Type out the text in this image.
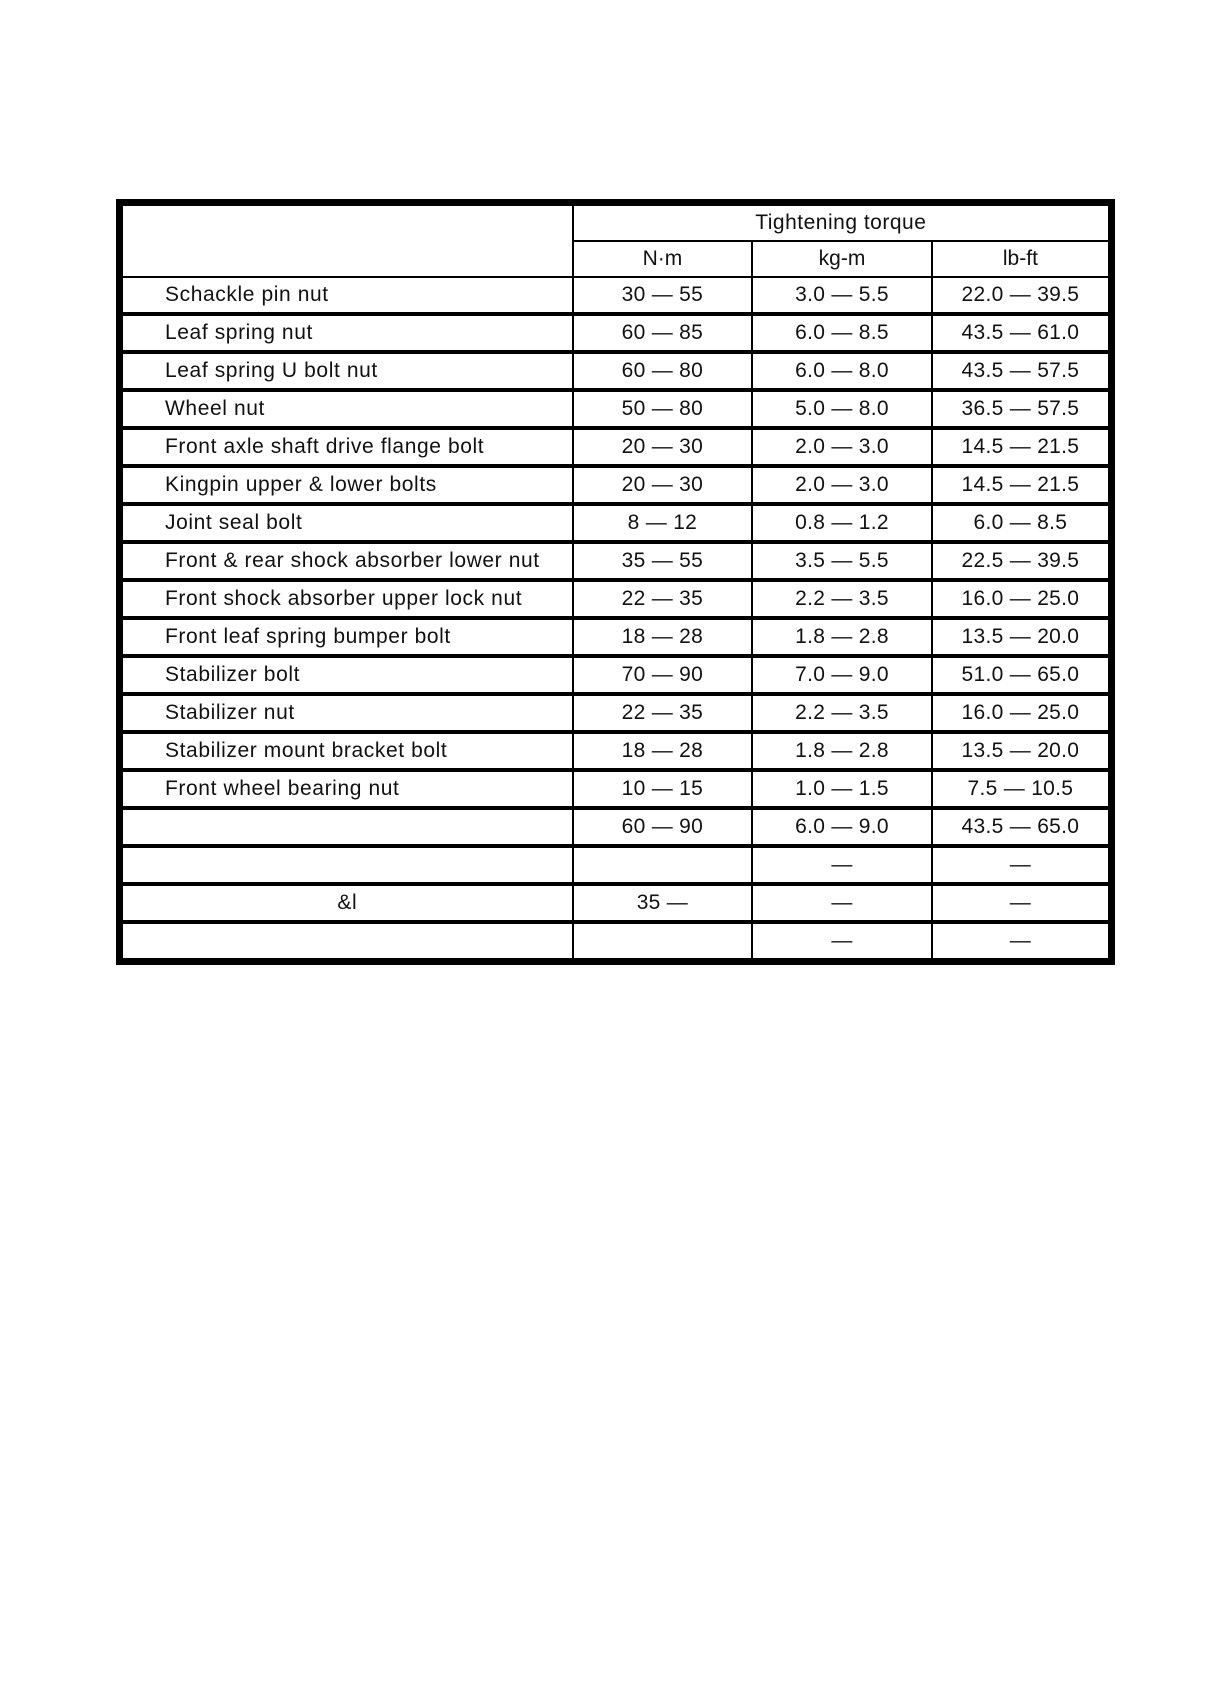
	Tightening torque		
	N·m	kg-m	lb-ft
Schackle pin nut	30 — 55	3.0 — 5.5	22.0 — 39.5
Leaf spring nut	60 — 85	6.0 — 8.5	43.5 — 61.0
Leaf spring U bolt nut	60 — 80	6.0 — 8.0	43.5 — 57.5
Wheel nut	50 — 80	5.0 — 8.0	36.5 — 57.5
Front axle shaft drive flange bolt	20 — 30	2.0 — 3.0	14.5 — 21.5
Kingpin upper & lower bolts	20 — 30	2.0 — 3.0	14.5 — 21.5
Joint seal bolt	8 — 12	0.8 — 1.2	6.0 — 8.5
Front & rear shock absorber lower nut	35 — 55	3.5 — 5.5	22.5 — 39.5
Front shock absorber upper lock nut	22 — 35	2.2 — 3.5	16.0 — 25.0
Front leaf spring bumper bolt	18 — 28	1.8 — 2.8	13.5 — 20.0
Stabilizer bolt	70 — 90	7.0 — 9.0	51.0 — 65.0
Stabilizer nut	22 — 35	2.2 — 3.5	16.0 — 25.0
Stabilizer mount bracket bolt	18 — 28	1.8 — 2.8	13.5 — 20.0
Front wheel bearing nut	10 — 15	1.0 — 1.5	7.5 — 10.5
	60 — 90	6.0 — 9.0	43.5 — 65.0
		—	—
&l	35 —	—	—
		—	—
